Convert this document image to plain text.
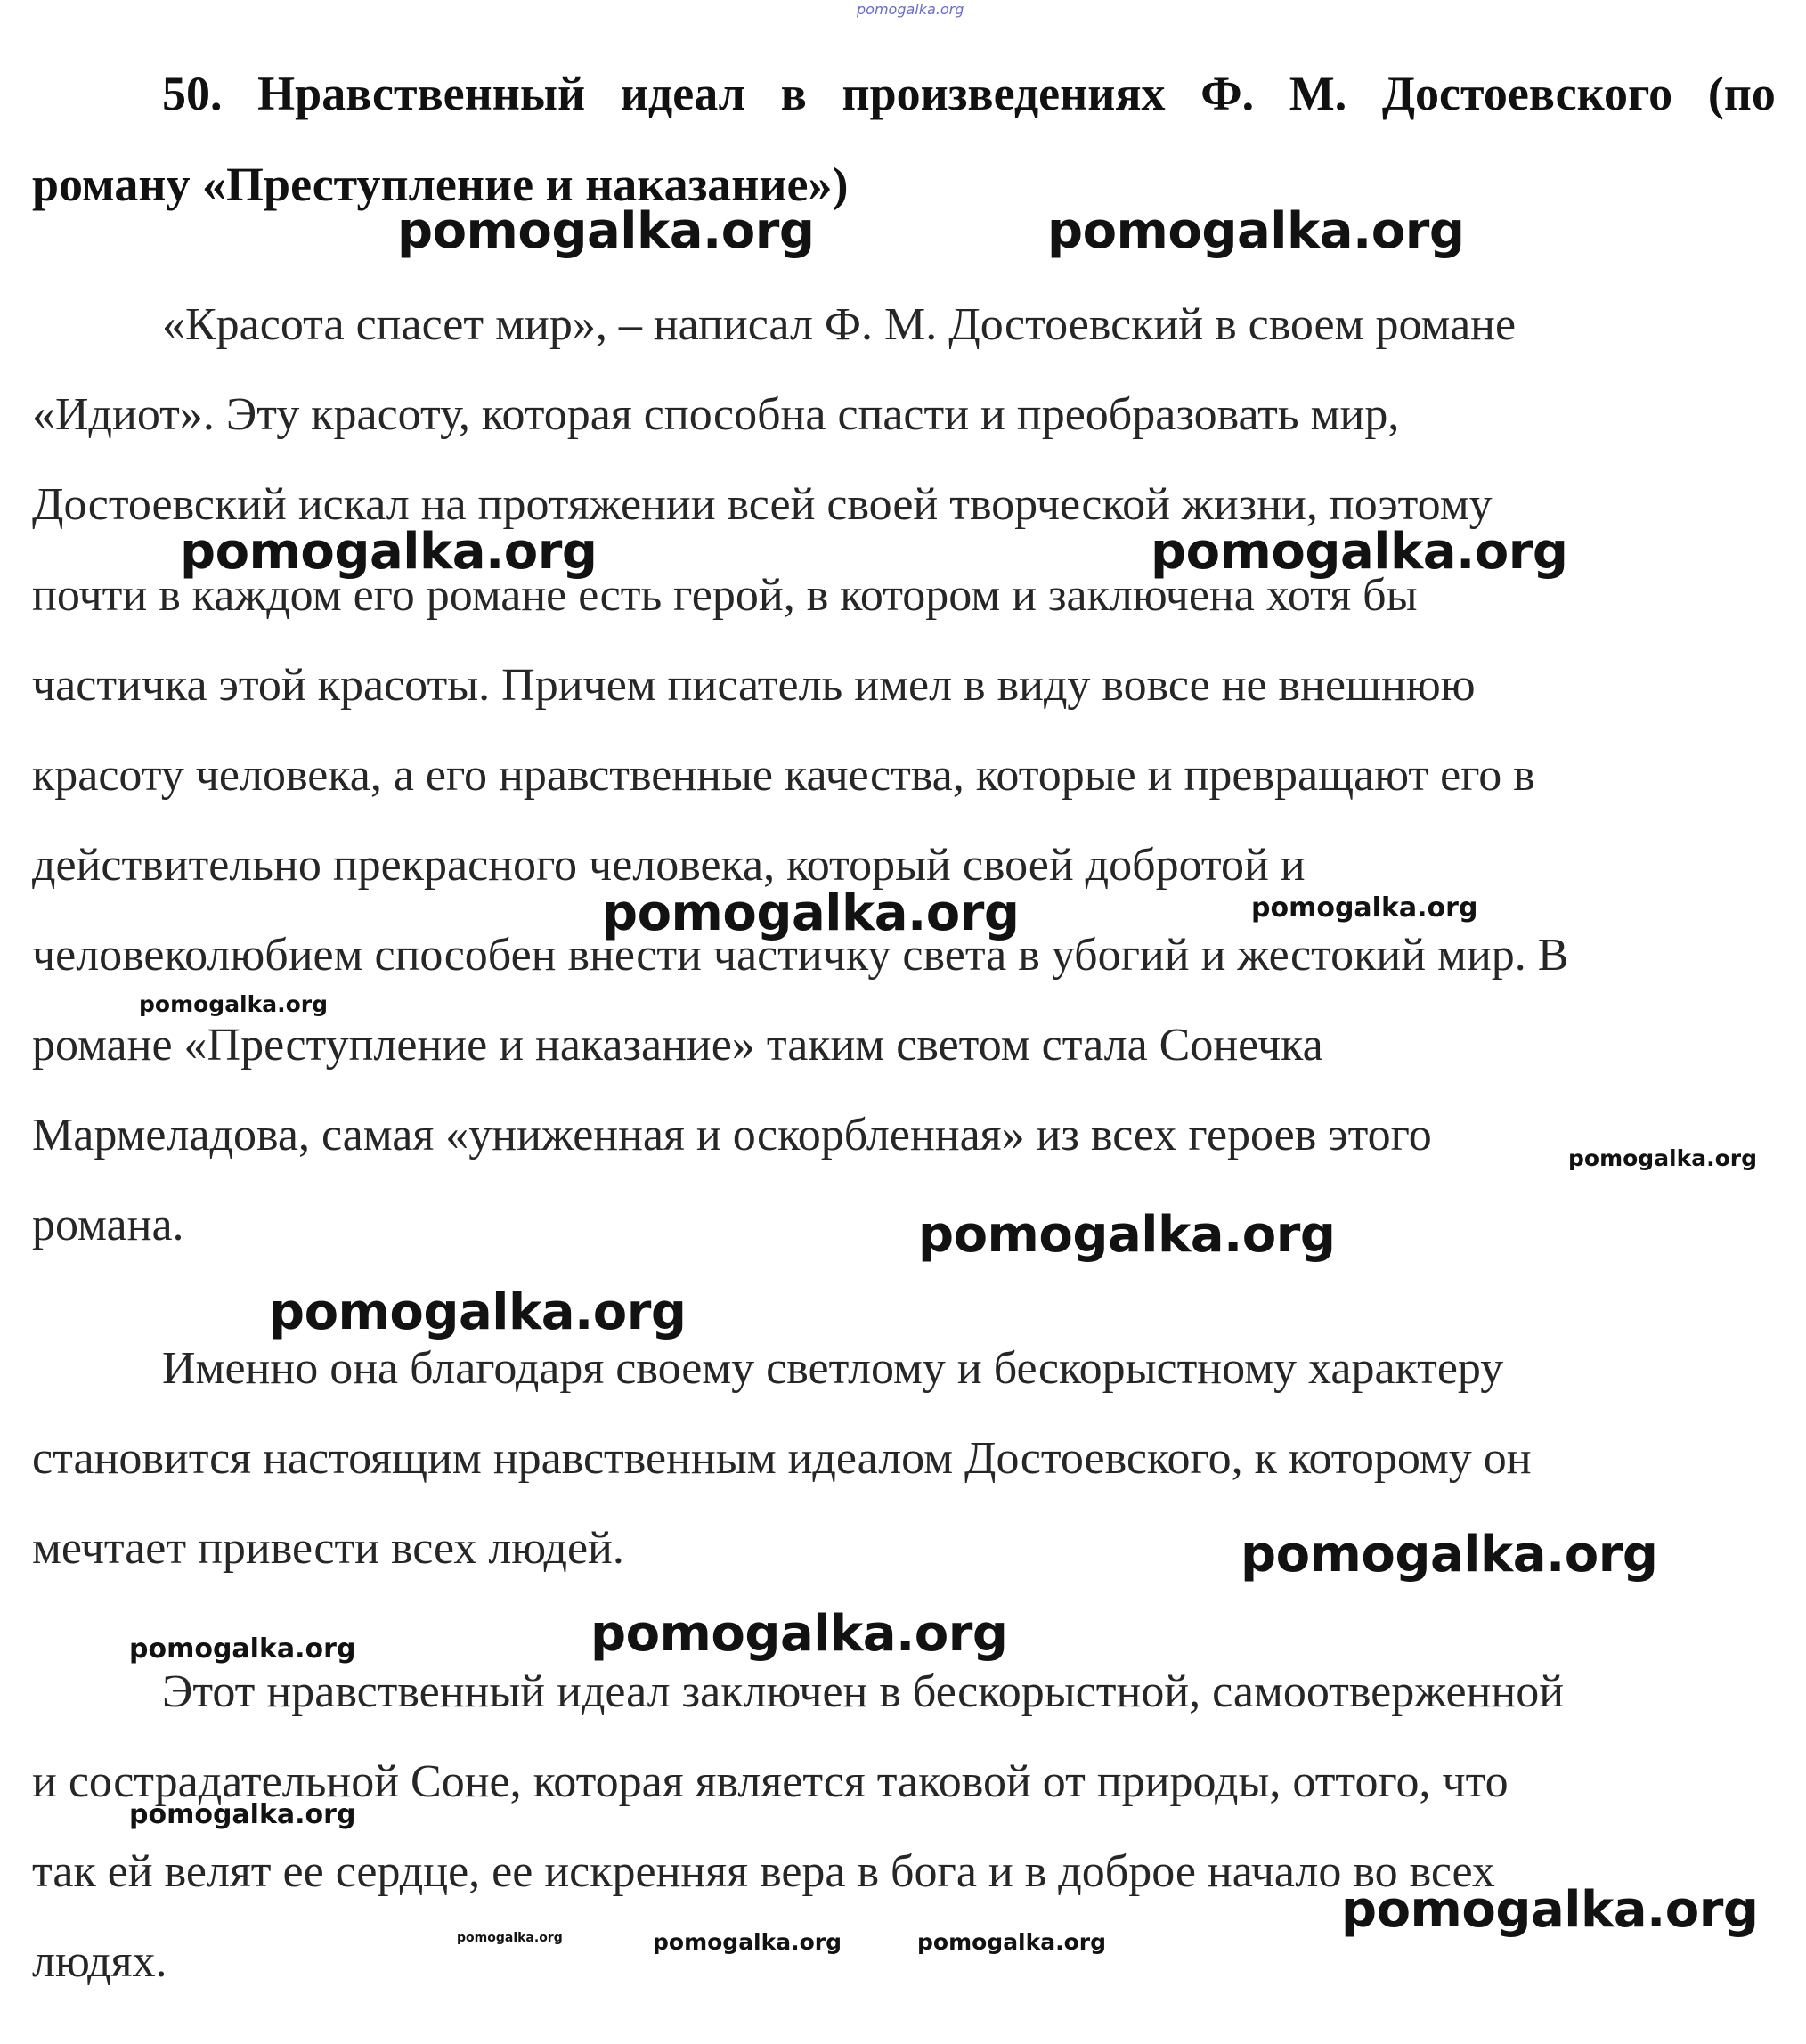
pomogalka.org
50. Нравственный идеал в произведениях Ф. М. Достоевского (по
роману «Преступление и наказание»)
«Красота спасет мир», – написал Ф. М. Достоевский в своем романе
«Идиот». Эту красоту, которая способна спасти и преобразовать мир,
Достоевский искал на протяжении всей своей творческой жизни, поэтому
почти в каждом его романе есть герой, в котором и заключена хотя бы
частичка этой красоты. Причем писатель имел в виду вовсе не внешнюю
красоту человека, а его нравственные качества, которые и превращают его в
действительно прекрасного человека, который своей добротой и
человеколюбием способен внести частичку света в убогий и жестокий мир. В
романе «Преступление и наказание» таким светом стала Сонечка
Мармеладова, самая «униженная и оскорбленная» из всех героев этого
романа.
Именно она благодаря своему светлому и бескорыстному характеру
становится настоящим нравственным идеалом Достоевского, к которому он
мечтает привести всех людей.
Этот нравственный идеал заключен в бескорыстной, самоотверженной
и сострадательной Соне, которая является таковой от природы, оттого, что
так ей велят ее сердце, ее искренняя вера в бога и в доброе начало во всех
людях.
pomogalka.org	pomogalka.org
pomogalka.org	pomogalka.org
pomogalka.org	pomogalka.org
pomogalka.org
pomogalka.org
pomogalka.org
pomogalka.org
pomogalka.org
pomogalka.org
pomogalka.org
pomogalka.org
pomogalka.org
pomogalka.org	pomogalka.org	pomogalka.org
